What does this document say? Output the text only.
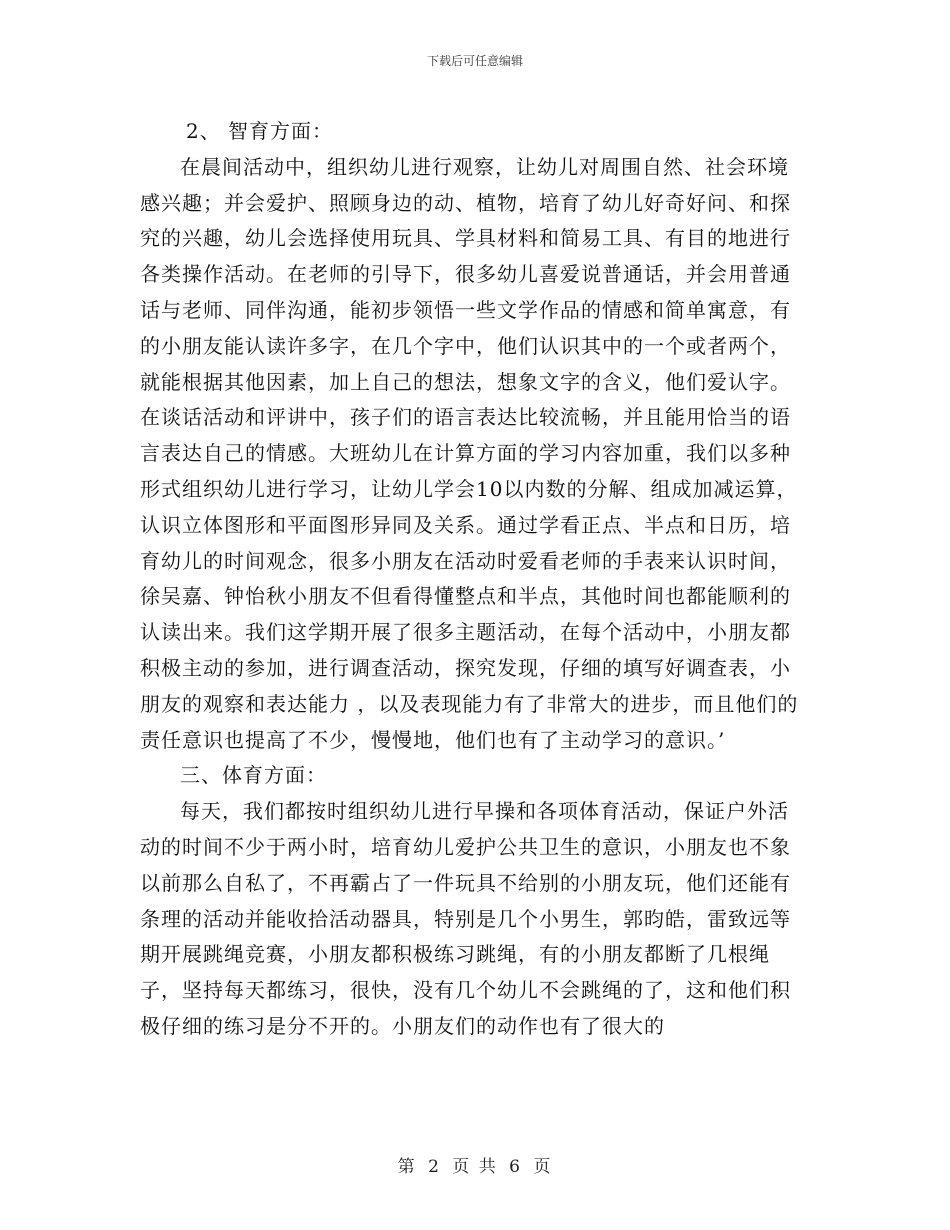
下载后可任意编辑

2、 智育方面：

在晨间活动中，组织幼儿进行观察，让幼儿对周围自然、社会环境感兴趣；并会爱护、照顾身边的动、植物，培育了幼儿好奇好问、和探究的兴趣，幼儿会选择使用玩具、学具材料和简易工具、有目的地进行各类操作活动。在老师的引导下，很多幼儿喜爱说普通话，并会用普通话与老师、同伴沟通，能初步领悟一些文学作品的情感和简单寓意，有的小朋友能认读许多字，在几个字中，他们认识其中的一个或者两个，就能根据其他因素，加上自己的想法，想象文字的含义，他们爱认字。在谈话活动和评讲中，孩子们的语言表达比较流畅，并且能用恰当的语言表达自己的情感。大班幼儿在计算方面的学习内容加重，我们以多种形式组织幼儿进行学习，让幼儿学会10以内数的分解、组成加减运算，认识立体图形和平面图形异同及关系。通过学看正点、半点和日历，培育幼儿的时间观念，很多小朋友在活动时爱看老师的手表来认识时间，徐吴嘉、钟怡秋小朋友不但看得懂整点和半点，其他时间也都能顺利的认读出来。我们这学期开展了很多主题活动，在每个活动中，小朋友都积极主动的参加，进行调查活动，探究发现，仔细的填写好调查表，小朋友的观察和表达能力 ，以及表现能力有了非常大的进步，而且他们的责任意识也提高了不少，慢慢地，他们也有了主动学习的意识。’

三、体育方面：

每天，我们都按时组织幼儿进行早操和各项体育活动，保证户外活动的时间不少于两小时，培育幼儿爱护公共卫生的意识，小朋友也不象以前那么自私了，不再霸占了一件玩具不给别的小朋友玩，他们还能有条理的活动并能收拾活动器具，特别是几个小男生，郭昀皓，雷致远等期开展跳绳竞赛，小朋友都积极练习跳绳，有的小朋友都断了几根绳子，坚持每天都练习，很快，没有几个幼儿不会跳绳的了，这和他们积极仔细的练习是分不开的。小朋友们的动作也有了很大的

第 2 页 共 6 页
